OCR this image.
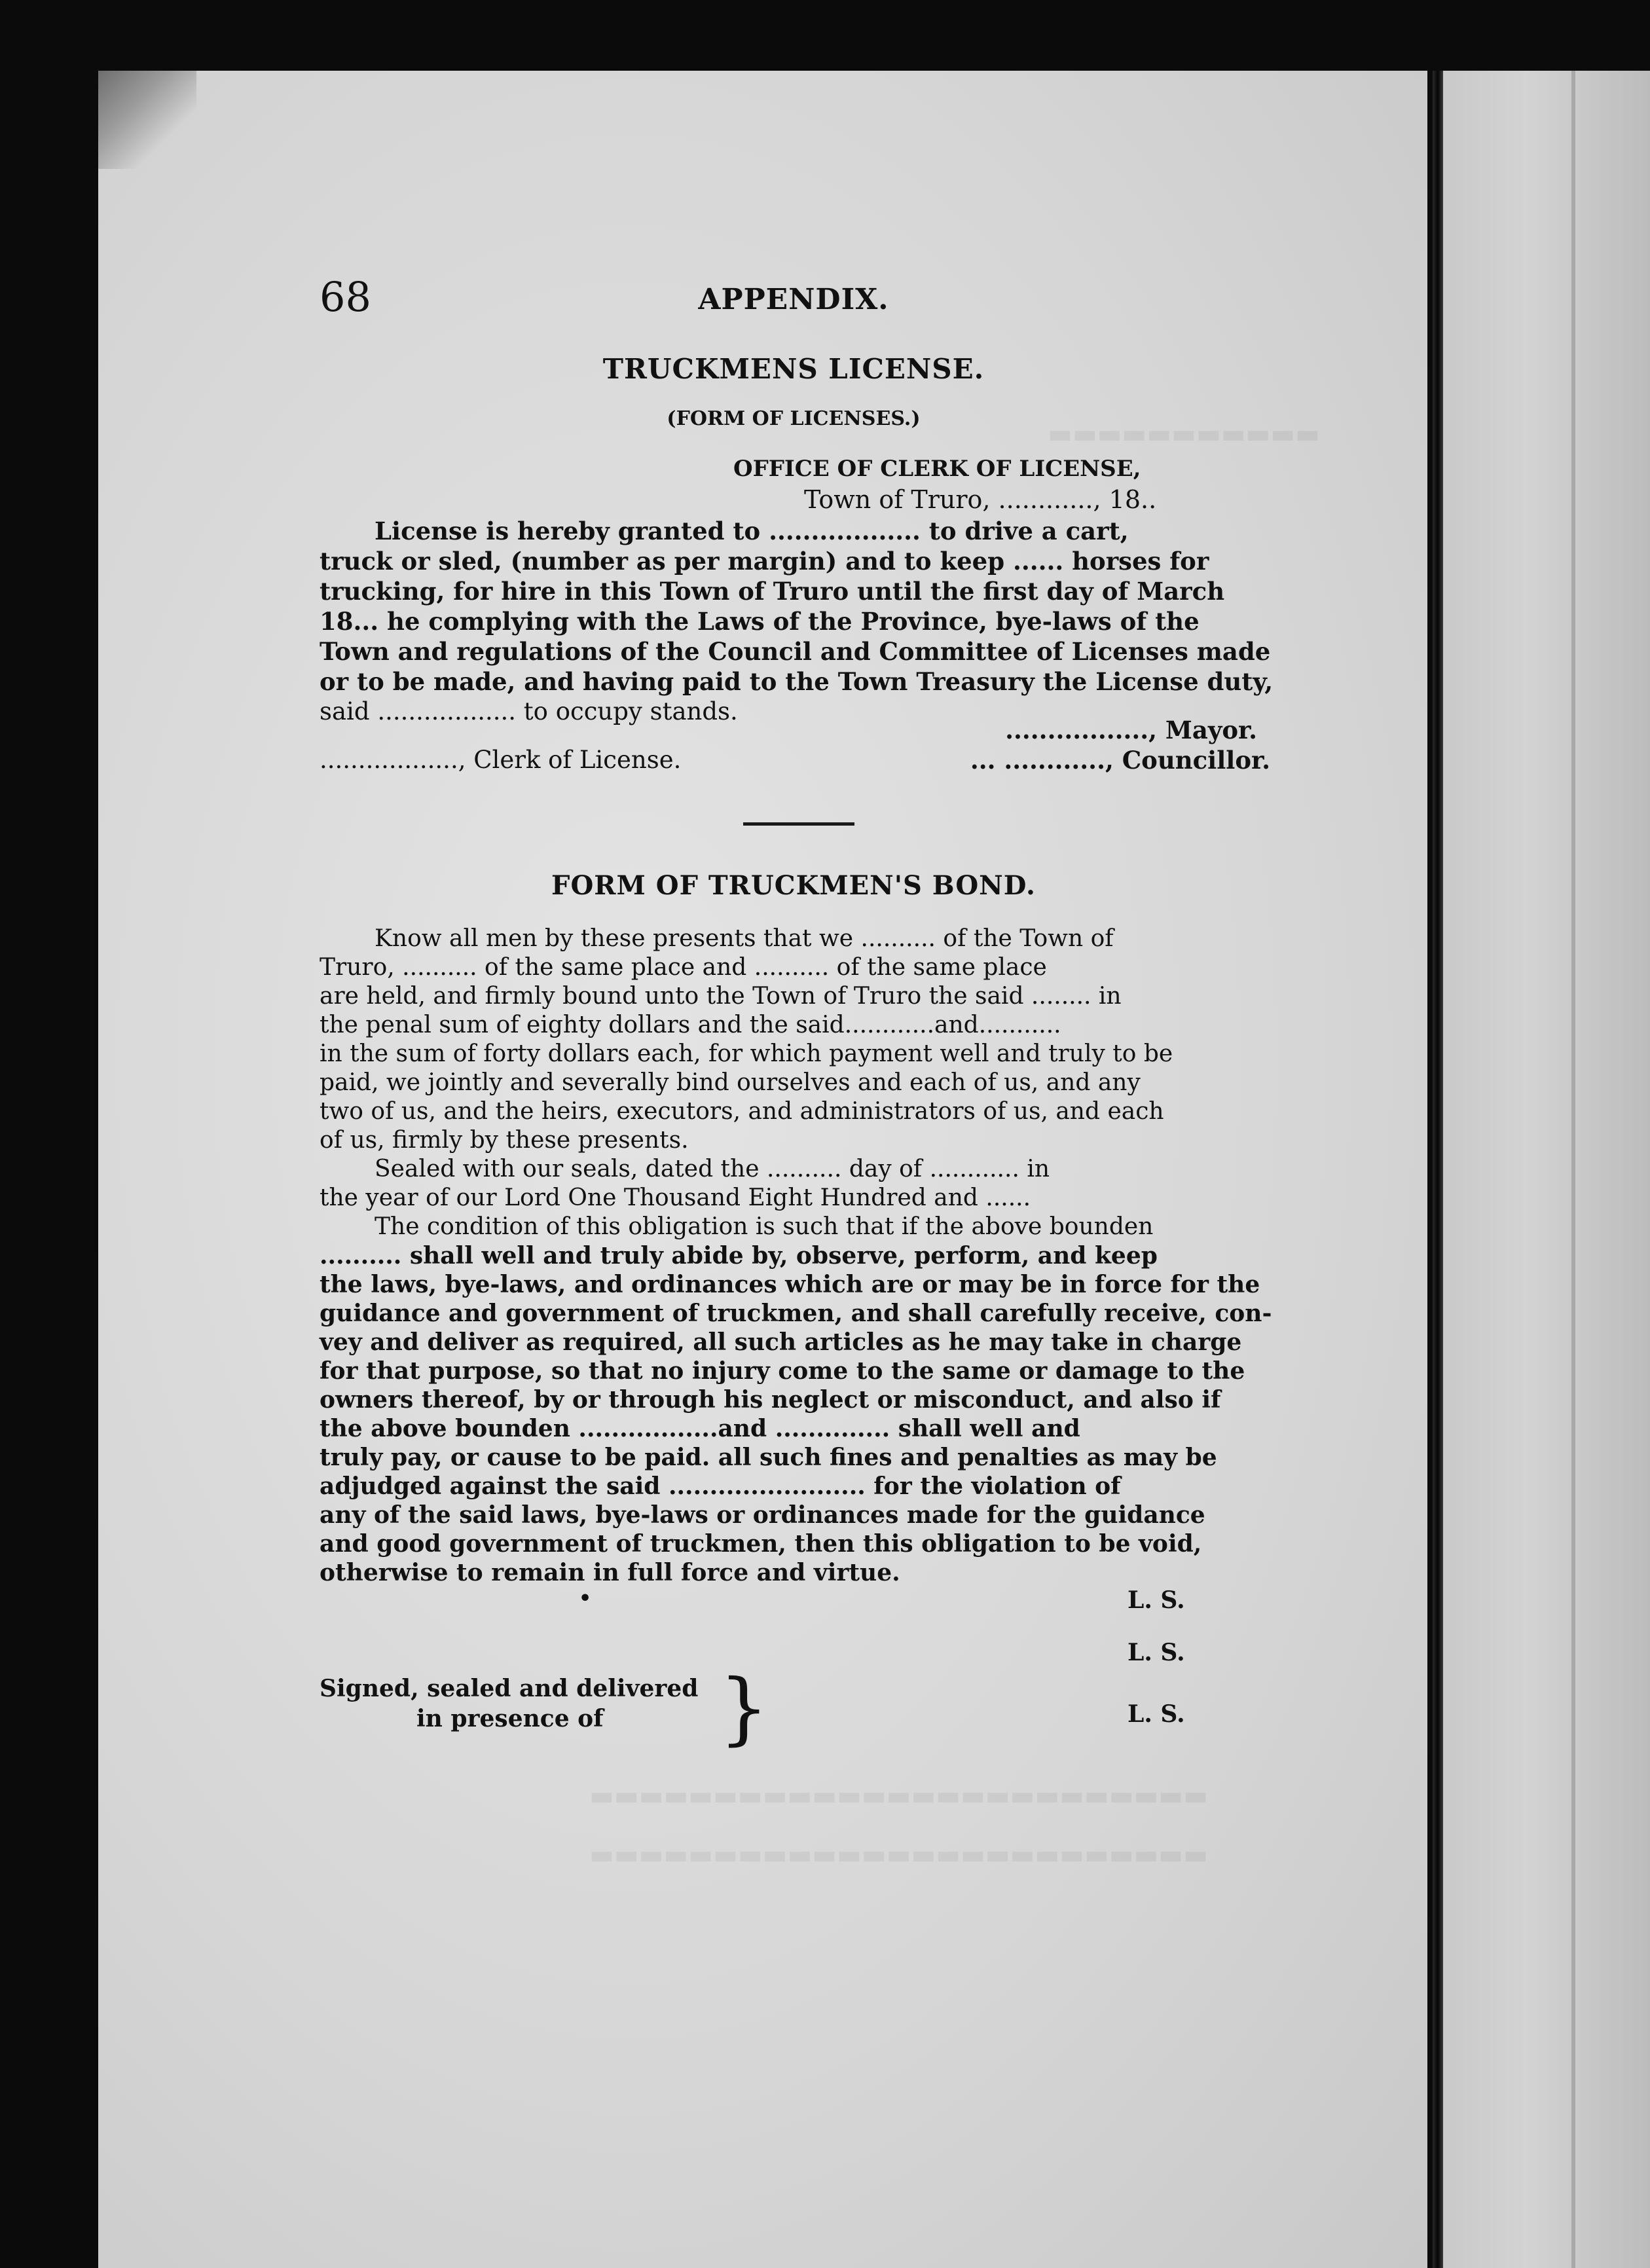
▬▬▬▬▬▬▬▬▬▬▬
▬▬▬▬▬▬▬▬▬▬▬▬▬▬▬▬▬▬▬▬▬▬▬▬▬
▬▬▬▬▬▬▬▬▬▬▬▬▬▬▬▬▬▬▬▬▬▬▬▬▬
68	APPENDIX.
TRUCKMENS LICENSE.
(FORM OF LICENSES.)
OFFICE OF CLERK OF LICENSE,
Town of Truro, ............, 18..
License is hereby granted to .................. to drive a cart,
truck or sled, (number as per margin) and to keep ...... horses for
trucking, for hire in this Town of Truro until the first day of March
18... he complying with the Laws of the Province, bye-laws of the
Town and regulations of the Council and Committee of Licenses made
or to be made, and having paid to the Town Treasury the License duty,
said .................. to occupy stands.
................., Mayor.
.................., Clerk of License.	... ............, Councillor.
FORM OF TRUCKMEN'S BOND.
Know all men by these presents that we .......... of the Town of
Truro, .......... of the same place and .......... of the same place
are held, and firmly bound unto the Town of Truro the said ........ in
the penal sum of eighty dollars and the said............and...........
in the sum of forty dollars each, for which payment well and truly to be
paid, we jointly and severally bind ourselves and each of us, and any
two of us, and the heirs, executors, and administrators of us, and each
of us, firmly by these presents.
Sealed with our seals, dated the .......... day of ............ in
the year of our Lord One Thousand Eight Hundred and ......
The condition of this obligation is such that if the above bounden
.......... shall well and truly abide by, observe, perform, and keep
the laws, bye-laws, and ordinances which are or may be in force for the
guidance and government of truckmen, and shall carefully receive, con-
vey and deliver as required, all such articles as he may take in charge
for that purpose, so that no injury come to the same or damage to the
owners thereof, by or through his neglect or misconduct, and also if
the above bounden .................and .............. shall well and
truly pay, or cause to be paid. all such fines and penalties as may be
adjudged against the said ........................ for the violation of
any of the said laws, bye-laws or ordinances made for the guidance
and good government of truckmen, then this obligation to be void,
otherwise to remain in full force and virtue.
•	L. S.
L. S.
L. S.
Signed, sealed and delivered
in presence of }
